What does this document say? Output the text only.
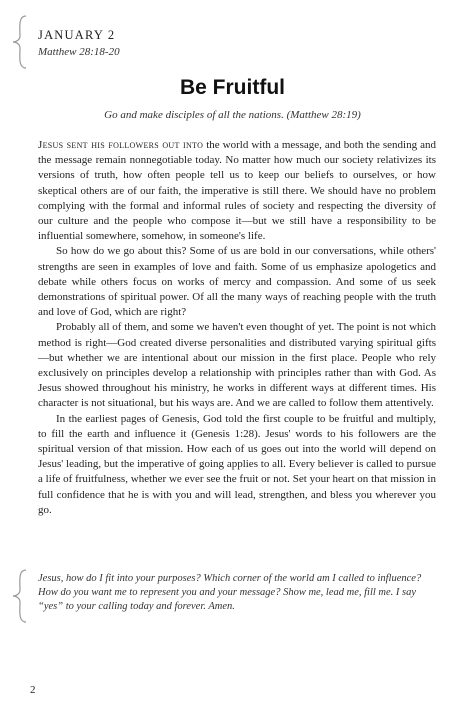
JANUARY 2
Matthew 28:18-20
Be Fruitful
Go and make disciples of all the nations. (Matthew 28:19)

Jesus sent his followers out into the world with a message, and both the sending and the message remain nonnegotiable today. No matter how much our society relativizes its versions of truth, how often people tell us to keep our beliefs to ourselves, or how skeptical others are of our faith, the imperative is still there. We should have no problem complying with the formal and informal rules of society and respecting the diversity of our culture and the people who compose it—but we still have a responsibility to be influential somewhere, somehow, in someone's life.

So how do we go about this? Some of us are bold in our conversations, while others' strengths are seen in examples of love and faith. Some of us emphasize apologetics and debate while others focus on works of mercy and compassion. And some of us seek demonstrations of spiritual power. Of all the many ways of reaching people with the truth and love of God, which are right?

Probably all of them, and some we haven't even thought of yet. The point is not which method is right—God created diverse personalities and distributed varying spiritual gifts—but whether we are intentional about our mission in the first place. People who rely exclusively on principles develop a relationship with principles rather than with God. As Jesus showed throughout his ministry, he works in different ways at different times. His character is not situational, but his ways are. And we are called to follow them attentively.

In the earliest pages of Genesis, God told the first couple to be fruitful and multiply, to fill the earth and influence it (Genesis 1:28). Jesus' words to his followers are the spiritual version of that mission. How each of us goes out into the world will depend on Jesus' leading, but the imperative of going applies to all. Every believer is called to pursue a life of fruitfulness, whether we ever see the fruit or not. Set your heart on that mission in full confidence that he is with you and will lead, strengthen, and bless you wherever you go.

Jesus, how do I fit into your purposes? Which corner of the world am I called to influence? How do you want me to represent you and your message? Show me, lead me, fill me. I say “yes” to your calling today and forever. Amen.
2
